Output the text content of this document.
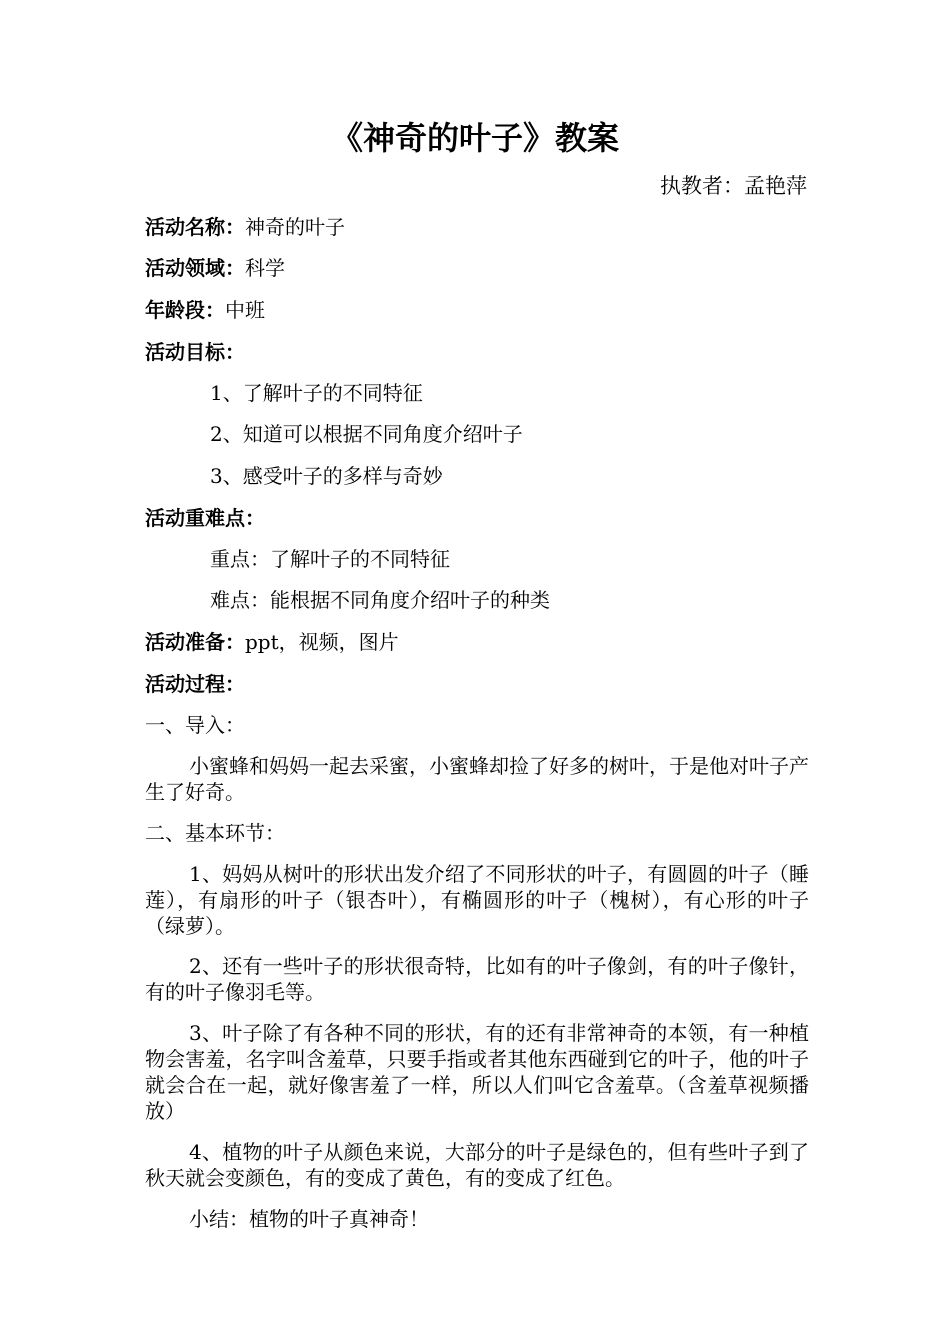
《神奇的叶子》教案
执教者：孟艳萍
活动名称：神奇的叶子
活动领域：科学
年龄段：中班
活动目标：
1、了解叶子的不同特征
2、知道可以根据不同角度介绍叶子
3、感受叶子的多样与奇妙
活动重难点：
重点：了解叶子的不同特征
难点：能根据不同角度介绍叶子的种类
活动准备：ppt，视频，图片
活动过程：
一、导入：
小蜜蜂和妈妈一起去采蜜，小蜜蜂却捡了好多的树叶，于是他对叶子产生了好奇。
二、基本环节：
1、妈妈从树叶的形状出发介绍了不同形状的叶子，有圆圆的叶子（睡莲），有扇形的叶子（银杏叶），有椭圆形的叶子（槐树），有心形的叶子（绿萝）。
2、还有一些叶子的形状很奇特，比如有的叶子像剑，有的叶子像针，有的叶子像羽毛等。
3、叶子除了有各种不同的形状，有的还有非常神奇的本领，有一种植物会害羞，名字叫含羞草，只要手指或者其他东西碰到它的叶子，他的叶子就会合在一起，就好像害羞了一样，所以人们叫它含羞草。（含羞草视频播放）
4、植物的叶子从颜色来说，大部分的叶子是绿色的，但有些叶子到了秋天就会变颜色，有的变成了黄色，有的变成了红色。
小结：植物的叶子真神奇！
